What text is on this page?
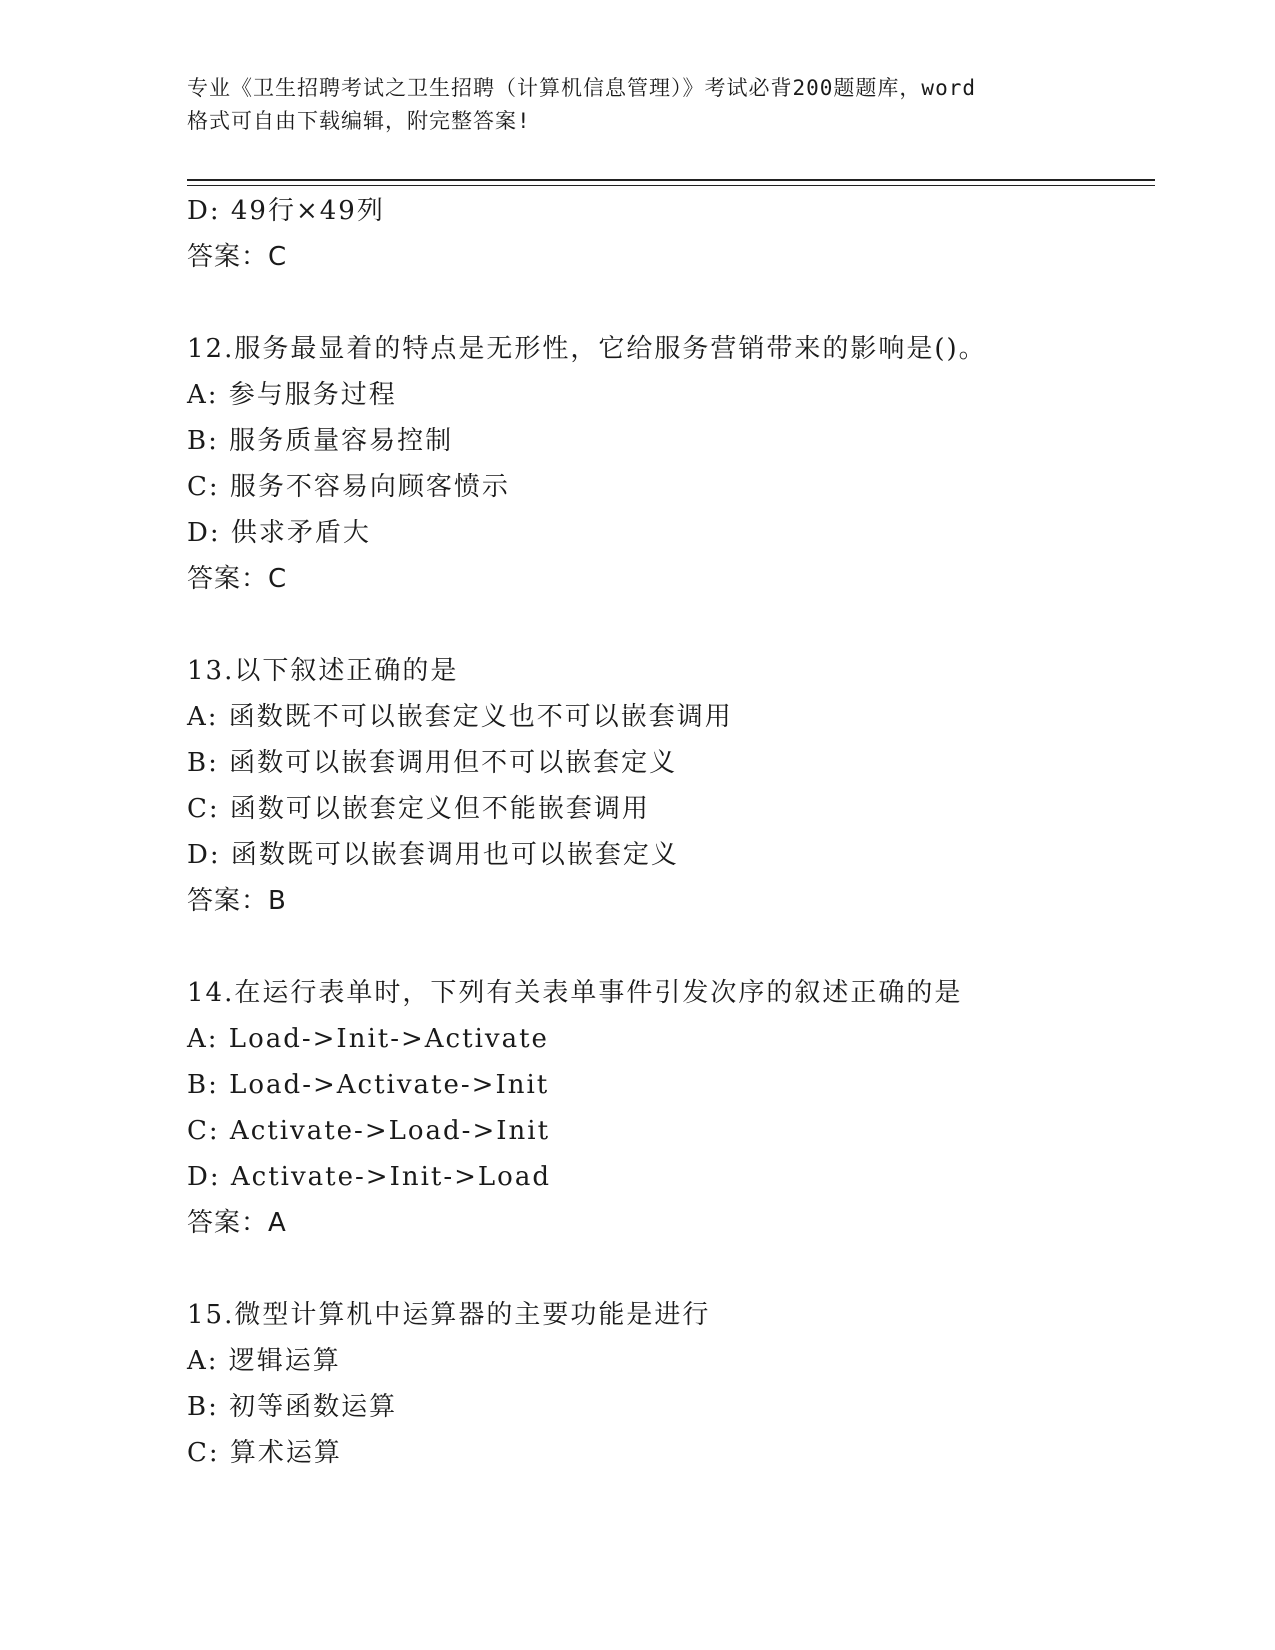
专业《卫生招聘考试之卫生招聘（计算机信息管理）》考试必背200题题库，word
格式可自由下载编辑，附完整答案!
D: 49行×49列
答案：C
12.服务最显着的特点是无形性，它给服务营销带来的影响是()。
A: 参与服务过程
B: 服务质量容易控制
C: 服务不容易向顾客愤示
D: 供求矛盾大
答案：C
13.以下叙述正确的是
A: 函数既不可以嵌套定义也不可以嵌套调用
B: 函数可以嵌套调用但不可以嵌套定义
C: 函数可以嵌套定义但不能嵌套调用
D: 函数既可以嵌套调用也可以嵌套定义
答案：B
14.在运行表单时，下列有关表单事件引发次序的叙述正确的是
A: Load->Init->Activate
B: Load->Activate->Init
C: Activate->Load->Init
D: Activate->Init->Load
答案：A
15.微型计算机中运算器的主要功能是进行
A: 逻辑运算
B: 初等函数运算
C: 算术运算
